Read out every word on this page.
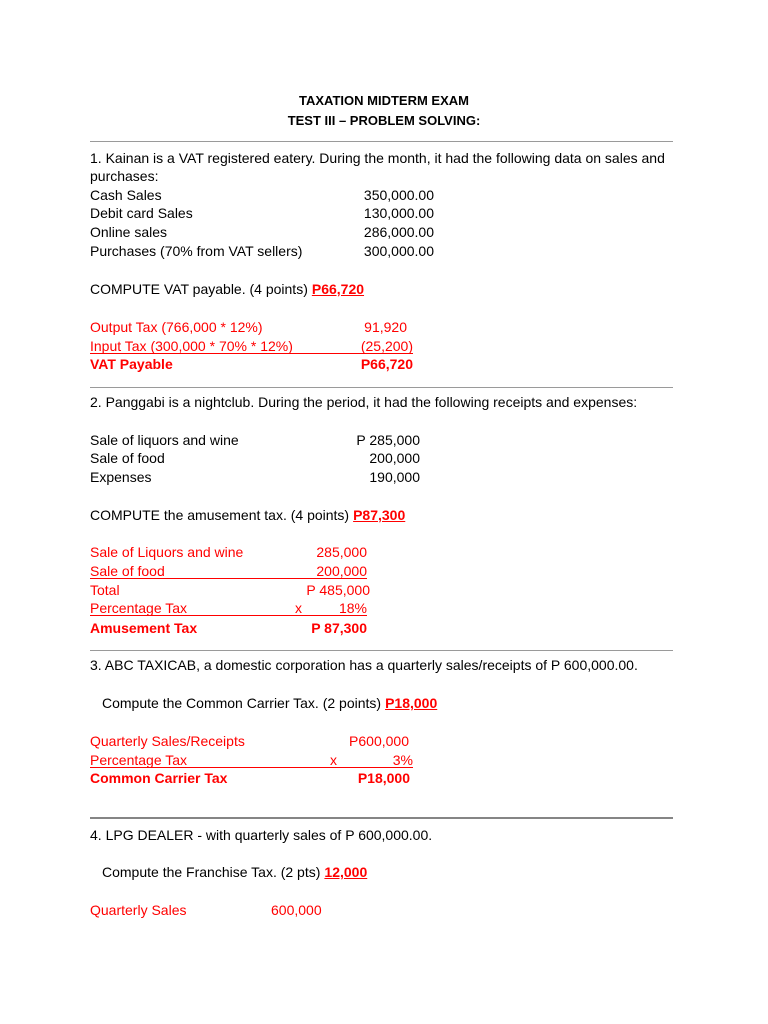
TAXATION MIDTERM EXAM
TEST III – PROBLEM SOLVING:
1. Kainan is a VAT registered eatery. During the month, it had the following data on sales and
purchases:
Cash Sales	350,000.00
Debit card Sales	130,000.00
Online sales	286,000.00
Purchases (70% from VAT sellers)	300,000.00
COMPUTE VAT payable. (4 points) P66,720
Output Tax (766,000 * 12%)	91,920
Input Tax (300,000 * 70% * 12%)	(25,200)
VAT Payable	P66,720
2. Panggabi is a nightclub. During the period, it had the following receipts and expenses:
Sale of liquors and wine	P 285,000
Sale of food	200,000
Expenses	190,000
COMPUTE the amusement tax. (4 points) P87,300
Sale of Liquors and wine	285,000
Sale of food	200,000
Total	P 485,000
Percentage Tax	x	18%
Amusement Tax	P 87,300
3. ABC TAXICAB, a domestic corporation has a quarterly sales/receipts of P 600,000.00.
Compute the Common Carrier Tax. (2 points) P18,000
Quarterly Sales/Receipts	P600,000
Percentage Tax	x	3%
Common Carrier Tax	P18,000
4. LPG DEALER - with quarterly sales of P 600,000.00.
Compute the Franchise Tax. (2 pts) 12,000
Quarterly Sales	600,000
